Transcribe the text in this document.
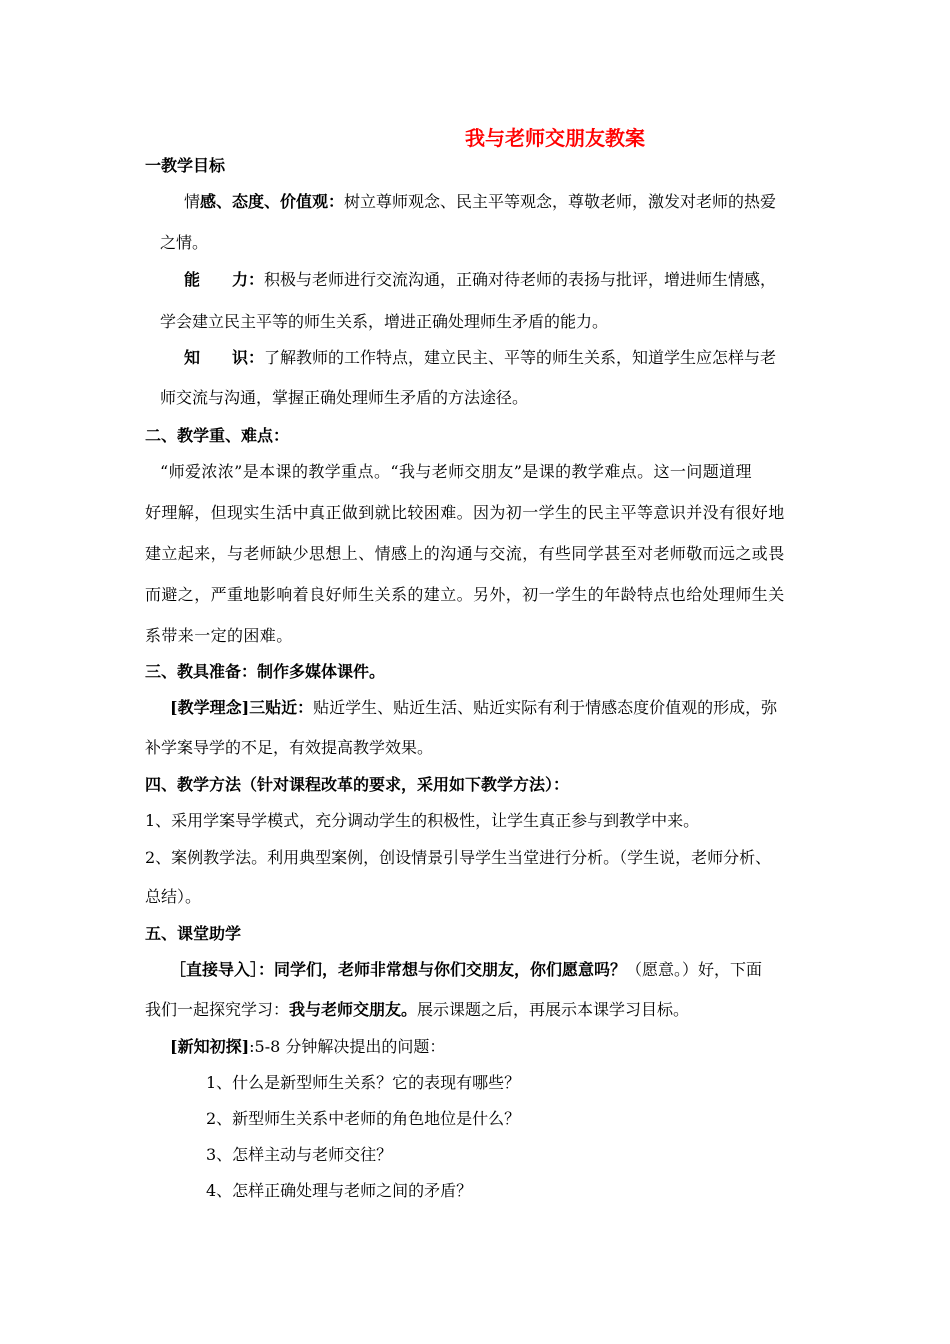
我与老师交朋友教案
一教学目标
情感、态度、价值观：树立尊师观念、民主平等观念，尊敬老师，激发对老师的热爱
之情。
能　　力：积极与老师进行交流沟通，正确对待老师的表扬与批评，增进师生情感，
学会建立民主平等的师生关系，增进正确处理师生矛盾的能力。
知　　识：了解教师的工作特点，建立民主、平等的师生关系，知道学生应怎样与老
师交流与沟通，掌握正确处理师生矛盾的方法途径。
二、教学重、难点：
“师爱浓浓”是本课的教学重点。“我与老师交朋友”是课的教学难点。这一问题道理
好理解，但现实生活中真正做到就比较困难。因为初一学生的民主平等意识并没有很好地
建立起来，与老师缺少思想上、情感上的沟通与交流，有些同学甚至对老师敬而远之或畏
而避之，严重地影响着良好师生关系的建立。另外，初一学生的年龄特点也给处理师生关
系带来一定的困难。
三、教具准备：制作多媒体课件。
[教学理念]三贴近：贴近学生、贴近生活、贴近实际有利于情感态度价值观的形成，弥
补学案导学的不足，有效提高教学效果。
四、教学方法（针对课程改革的要求，采用如下教学方法）：
1、采用学案导学模式，充分调动学生的积极性，让学生真正参与到教学中来。
2、案例教学法。利用典型案例，创设情景引导学生当堂进行分析。（学生说，老师分析、
总结）。
五、课堂助学
［直接导入］：同学们，老师非常想与你们交朋友，你们愿意吗？（愿意。）好，下面
我们一起探究学习：我与老师交朋友。展示课题之后，再展示本课学习目标。
[新知初探]:5-8 分钟解决提出的问题：
1、什么是新型师生关系？它的表现有哪些？
2、新型师生关系中老师的角色地位是什么？
3、怎样主动与老师交往？
4、怎样正确处理与老师之间的矛盾？
